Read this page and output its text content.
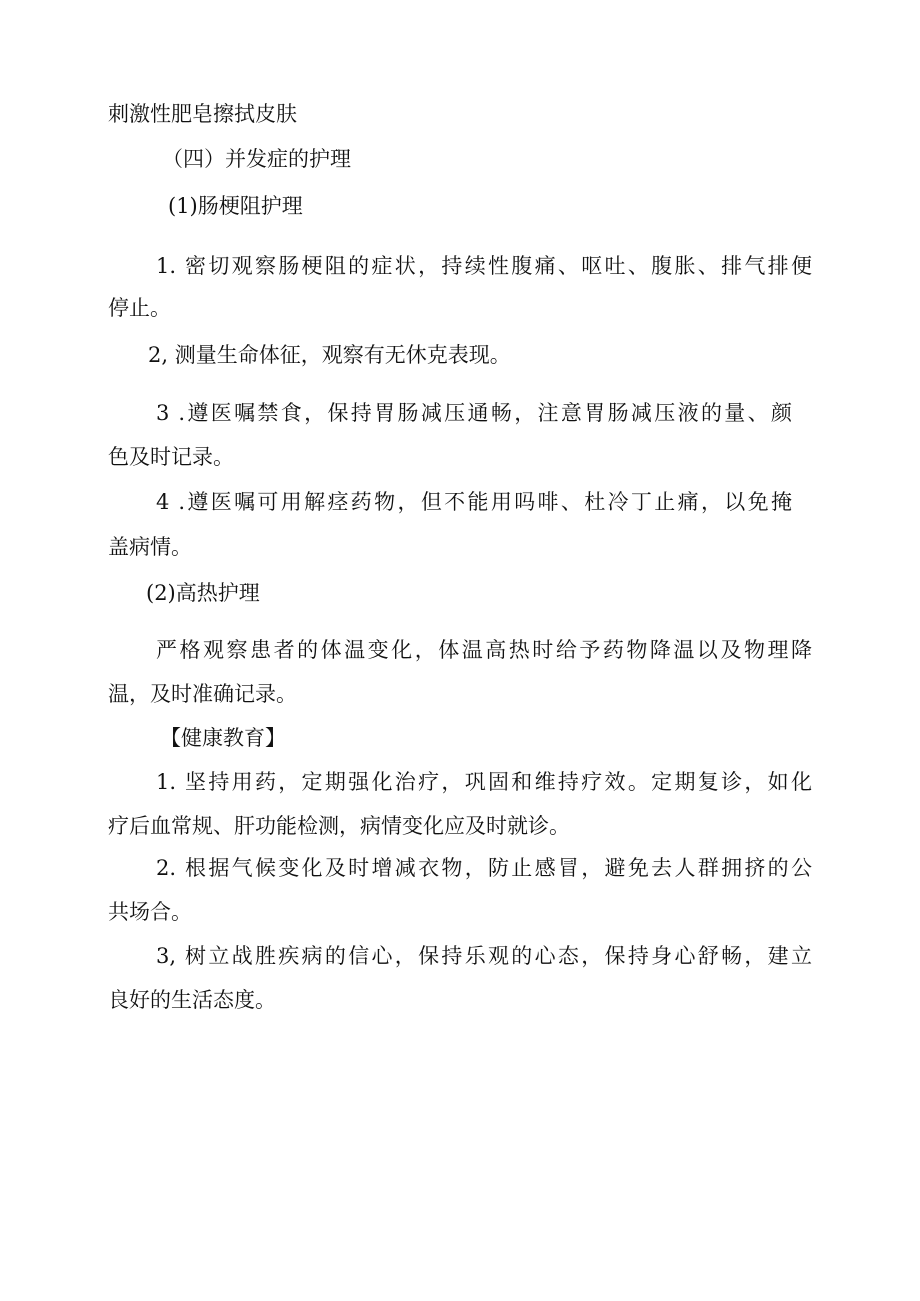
刺激性肥皂擦拭皮肤
（四）并发症的护理
(1)肠梗阻护理
1. 密切观察肠梗阻的症状，持续性腹痛、呕吐、腹胀、排气排便
停止。
2, 测量生命体征，观察有无休克表现。
3 .遵医嘱禁食，保持胃肠减压通畅，注意胃肠减压液的量、颜
色及时记录。
4 .遵医嘱可用解痉药物，但不能用吗啡、杜冷丁止痛，以免掩
盖病情。
(2)高热护理
严格观察患者的体温变化，体温高热时给予药物降温以及物理降
温，及时准确记录。
【健康教育】
1. 坚持用药，定期强化治疗，巩固和维持疗效。定期复诊，如化
疗后血常规、肝功能检测，病情变化应及时就诊。
2. 根据气候变化及时增减衣物，防止感冒，避免去人群拥挤的公
共场合。
3, 树立战胜疾病的信心，保持乐观的心态，保持身心舒畅，建立
良好的生活态度。
